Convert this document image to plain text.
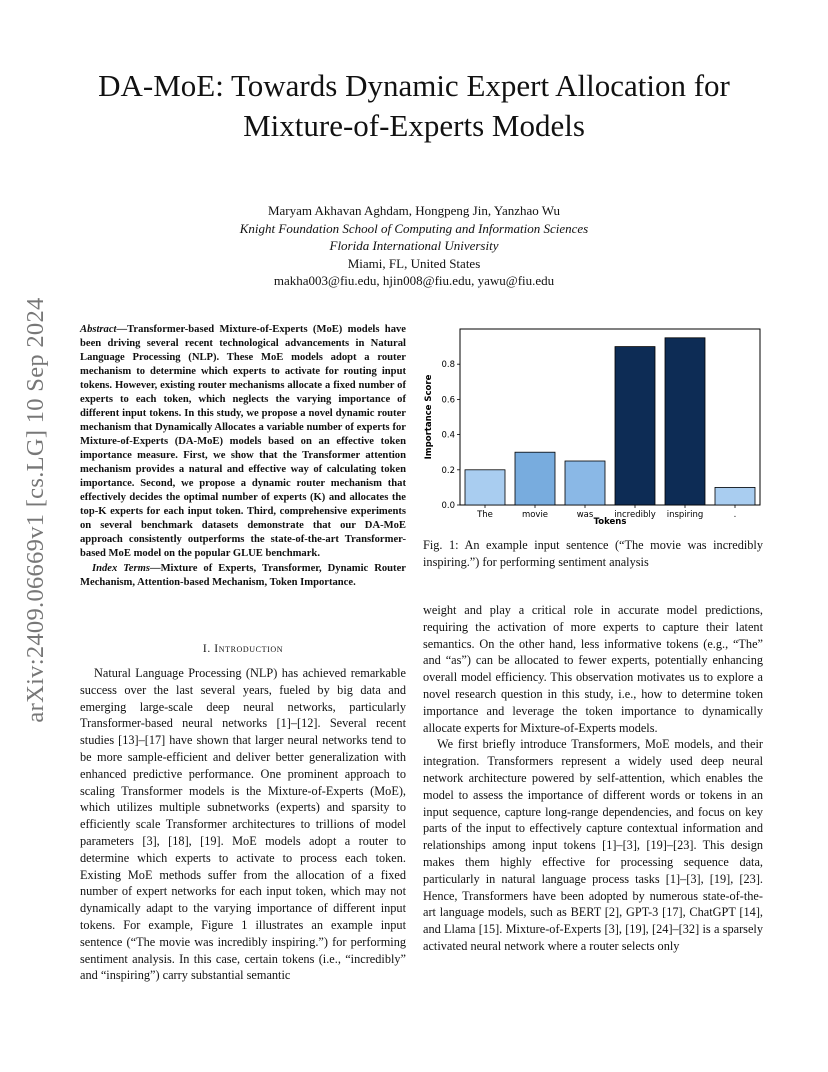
DA-MoE: Towards Dynamic Expert Allocation for
Mixture-of-Experts Models
Maryam Akhavan Aghdam, Hongpeng Jin, Yanzhao Wu
Knight Foundation School of Computing and Information Sciences
Florida International University
Miami, FL, United States
makha003@fiu.edu, hjin008@fiu.edu, yawu@fiu.edu
arXiv:2409.06669v1 [cs.LG] 10 Sep 2024	Abstract—Transformer-based Mixture-of-Experts (MoE) models have been driving several recent technological advancements in Natural Language Processing (NLP). These MoE models adopt a router mechanism to determine which experts to activate for routing input tokens. However, existing router mechanisms allocate a fixed number of experts to each token, which neglects the varying importance of different input tokens. In this study, we propose a novel dynamic router mechanism that Dynamically Allocates a variable number of experts for Mixture-of-Experts (DA-MoE) models based on an effective token importance measure. First, we show that the Transformer attention mechanism provides a natural and effective way of calculating token importance. Second, we propose a dynamic router mechanism that effectively decides the optimal number of experts (K) and allocates the top-K experts for each input token. Third, comprehensive experiments on several benchmark datasets demonstrate that our DA-MoE approach consistently outperforms the state-of-the-art Transformer-based MoE model on the popular GLUE benchmark.
Index Terms—Mixture of Experts, Transformer, Dynamic Router Mechanism, Attention-based Mechanism, Token Importance.
I. Introduction

Natural Language Processing (NLP) has achieved remarkable success over the last several years, fueled by big data and emerging large-scale deep neural networks, particularly Transformer-based neural networks [1]–[12]. Several recent studies [13]–[17] have shown that larger neural networks tend to be more sample-efficient and deliver better generalization with enhanced predictive performance. One prominent approach to scaling Transformer models is the Mixture-of-Experts (MoE), which utilizes multiple subnetworks (experts) and sparsity to efficiently scale Transformer architectures to trillions of model parameters [3], [18], [19]. MoE models adopt a router to determine which experts to activate to process each token. Existing MoE methods suffer from the allocation of a fixed number of expert networks for each input token, which may not dynamically adapt to the varying importance of different input tokens. For example, Figure 1 illustrates an example input sentence (“The movie was incredibly inspiring.”) for performing sentiment analysis. In this case, certain tokens (i.e., “incredibly” and “inspiring”) carry substantial semantic

0.0
0.2
0.4
0.6
0.8
The	movie	was incredibly inspiring	.
Tokens
Importance Score
Fig. 1: An example input sentence (“The movie was incredibly inspiring.”) for performing sentiment analysis

weight and play a critical role in accurate model predictions, requiring the activation of more experts to capture their latent semantics. On the other hand, less informative tokens (e.g., “The” and “as”) can be allocated to fewer experts, potentially enhancing overall model efficiency. This observation motivates us to explore a novel research question in this study, i.e., how to determine token importance and leverage the token importance to dynamically allocate experts for Mixture-of-Experts models.

We first briefly introduce Transformers, MoE models, and their integration. Transformers represent a widely used deep neural network architecture powered by self-attention, which enables the model to assess the importance of different words or tokens in an input sequence, capture long-range dependencies, and focus on key parts of the input to effectively capture contextual information and relationships among input tokens [1]–[3], [19]–[23]. This design makes them highly effective for processing sequence data, particularly in natural language process tasks [1]–[3], [19], [23]. Hence, Transformers have been adopted by numerous state-of-the-art language models, such as BERT [2], GPT-3 [17], ChatGPT [14], and Llama [15]. Mixture-of-Experts [3], [19], [24]–[32] is a sparsely activated neural network where a router selects only
